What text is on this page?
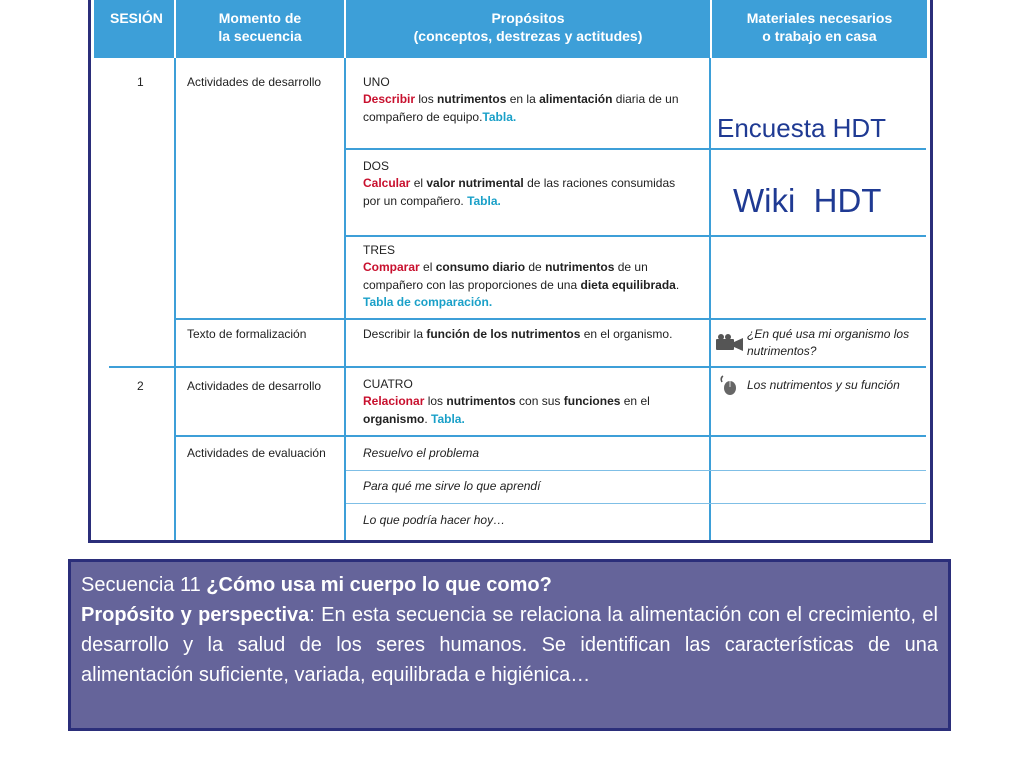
SESIÓN	Momento de
la secuencia
Propósitos
(conceptos, destrezas y actitudes)
Materiales necesarios
o trabajo en casa
1
2
Actividades de desarrollo
Texto de formalización
Actividades de desarrollo
Actividades de evaluación
UNO
Describir los nutrimentos en la alimentación diaria de un compañero de equipo.Tabla.
DOS
Calcular el valor nutrimental de las raciones consumidas por un compañero. Tabla.
TRES
Comparar el consumo diario de nutrimentos de un compañero con las proporciones de una dieta equilibrada.
Tabla de comparación.
Describir la función de los nutrimentos en el organismo.
CUATRO
Relacionar los nutrimentos con sus funciones en el organismo. Tabla.
Resuelvo el problema
Para qué me sirve lo que aprendí
Lo que podría hacer hoy…
¿En qué usa mi organismo los nutrimentos?
Los nutrimentos y su función
Encuesta HDT
Wiki  HDT
Secuencia 11 ¿Cómo usa mi cuerpo lo que como?
Propósito y perspectiva: En esta secuencia se relaciona la alimentación con el crecimiento, el desarrollo y la salud de los seres humanos. Se identifican las características de una alimentación suficiente, variada, equilibrada e higiénica…
